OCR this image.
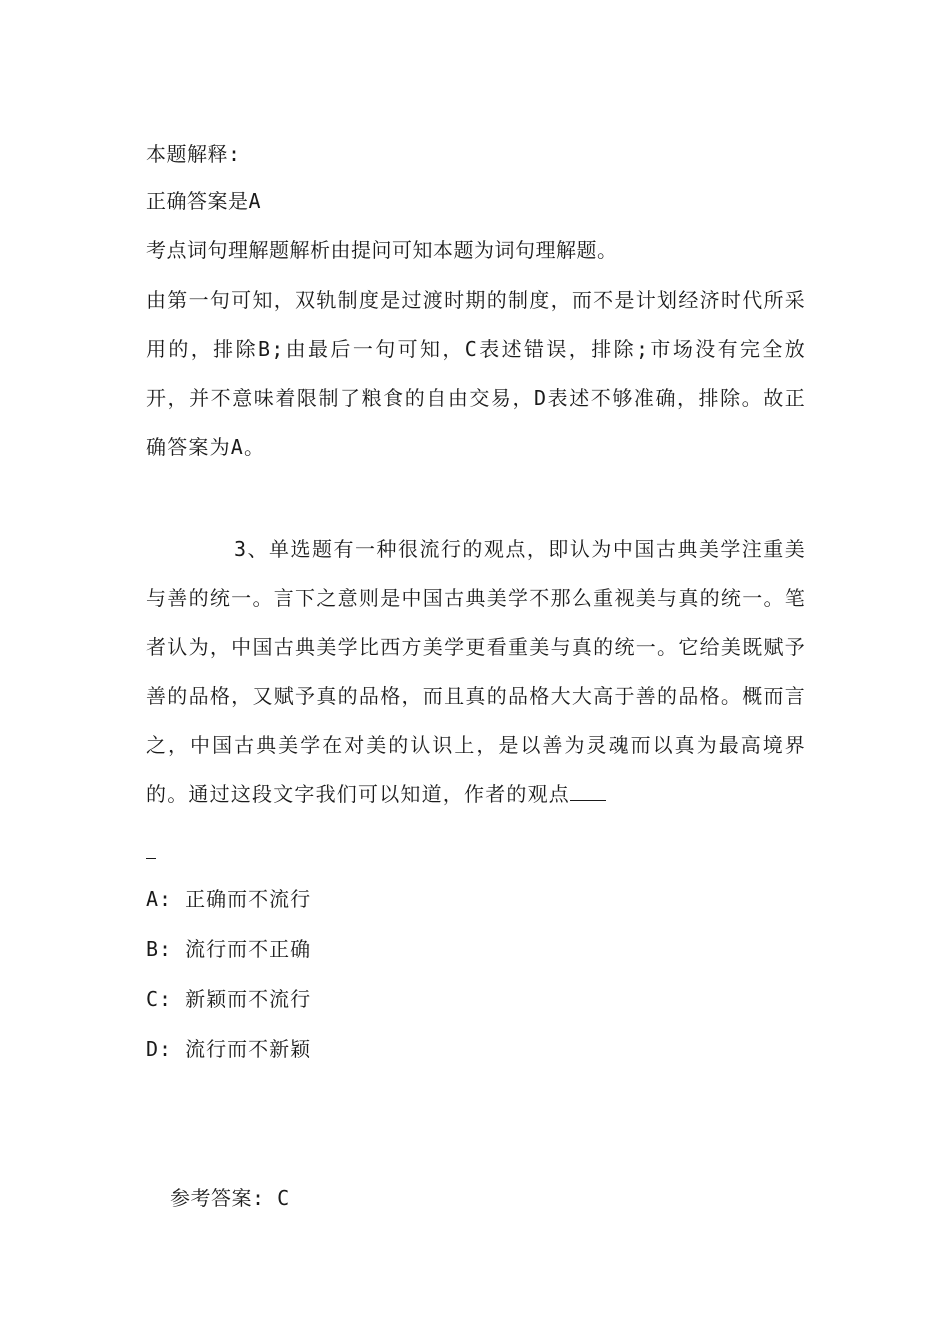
本题解释:
正确答案是A
考点词句理解题解析由提问可知本题为词句理解题。
由第一句可知，双轨制度是过渡时期的制度，而不是计划经济时代所采用的，排除B;由最后一句可知，C表述错误，排除;市场没有完全放开，并不意味着限制了粮食的自由交易，D表述不够准确，排除。故正确答案为A。
3、单选题有一种很流行的观点，即认为中国古典美学注重美与善的统一。言下之意则是中国古典美学不那么重视美与真的统一。笔者认为，中国古典美学比西方美学更看重美与真的统一。它给美既赋予善的品格，又赋予真的品格，而且真的品格大大高于善的品格。概而言之，中国古典美学在对美的认识上，是以善为灵魂而以真为最高境界的。通过这段文字我们可以知道，作者的观点
A: 正确而不流行
B: 流行而不正确
C: 新颖而不流行
D: 流行而不新颖
参考答案: C
